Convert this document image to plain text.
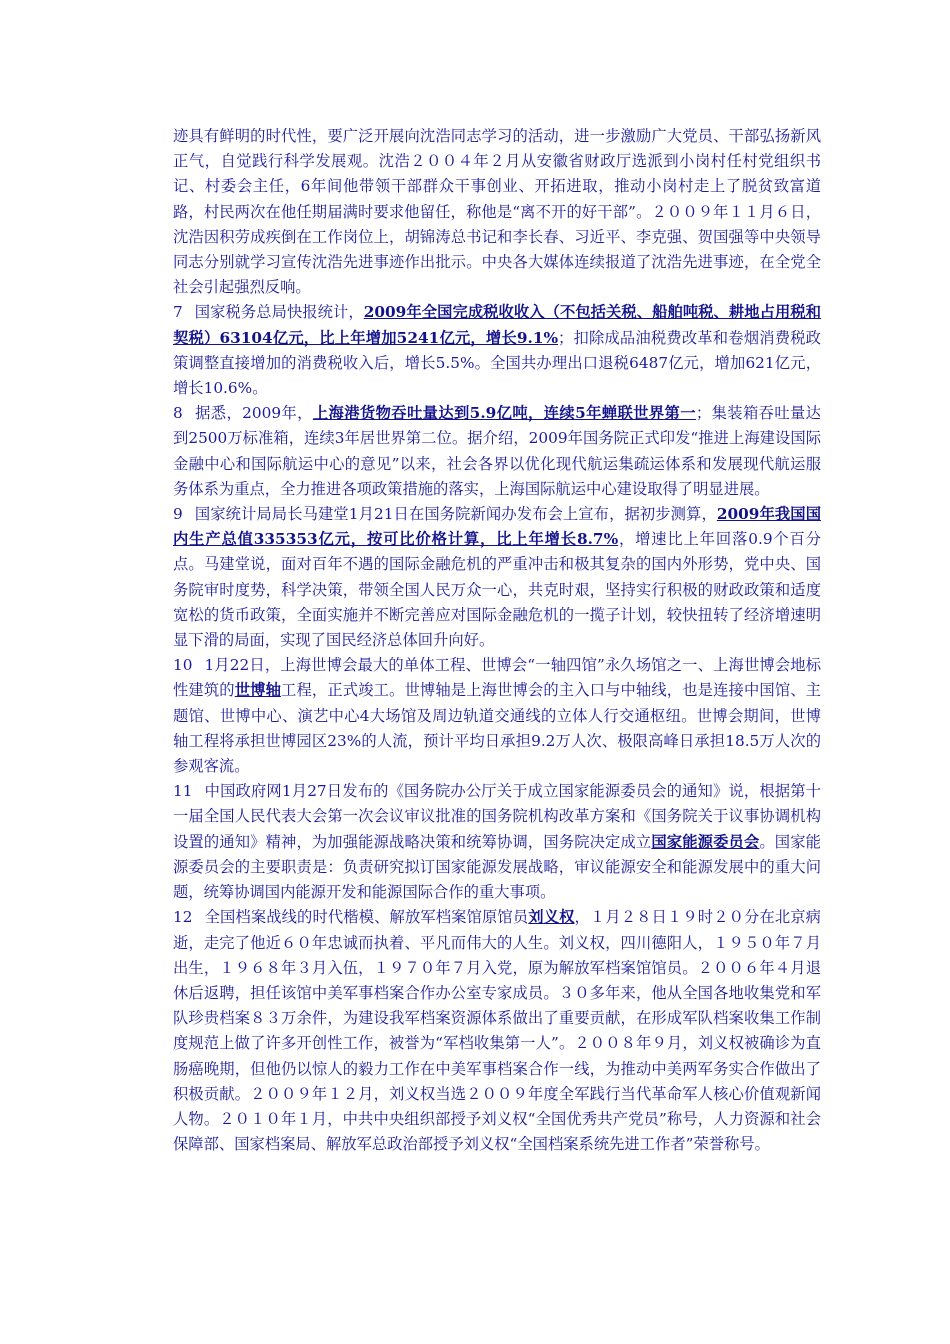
迹具有鲜明的时代性，要广泛开展向沈浩同志学习的活动，进一步激励广大党员、干部弘扬新风正气，自觉践行科学发展观。沈浩２００４年２月从安徽省财政厅选派到小岗村任村党组织书记、村委会主任，6年间他带领干部群众干事创业、开拓进取，推动小岗村走上了脱贫致富道路，村民两次在他任期届满时要求他留任，称他是“离不开的好干部”。２００９年１１月６日，沈浩因积劳成疾倒在工作岗位上，胡锦涛总书记和李长春、习近平、李克强、贺国强等中央领导同志分别就学习宣传沈浩先进事迹作出批示。中央各大媒体连续报道了沈浩先进事迹，在全党全社会引起强烈反响。

7 国家税务总局快报统计，2009年全国完成税收收入（不包括关税、船舶吨税、耕地占用税和契税）63104亿元，比上年增加5241亿元，增长9.1%；扣除成品油税费改革和卷烟消费税政策调整直接增加的消费税收入后，增长5.5%。全国共办理出口退税6487亿元，增加621亿元，增长10.6%。

8 据悉，2009年，上海港货物吞吐量达到5.9亿吨，连续5年蝉联世界第一；集装箱吞吐量达到2500万标准箱，连续3年居世界第二位。据介绍，2009年国务院正式印发“推进上海建设国际金融中心和国际航运中心的意见”以来，社会各界以优化现代航运集疏运体系和发展现代航运服务体系为重点，全力推进各项政策措施的落实，上海国际航运中心建设取得了明显进展。

9 国家统计局局长马建堂1月21日在国务院新闻办发布会上宣布，据初步测算，2009年我国国内生产总值335353亿元，按可比价格计算，比上年增长8.7%，增速比上年回落0.9个百分点。马建堂说，面对百年不遇的国际金融危机的严重冲击和极其复杂的国内外形势，党中央、国务院审时度势，科学决策，带领全国人民万众一心，共克时艰，坚持实行积极的财政政策和适度宽松的货币政策，全面实施并不断完善应对国际金融危机的一揽子计划，较快扭转了经济增速明显下滑的局面，实现了国民经济总体回升向好。

10 1月22日，上海世博会最大的单体工程、世博会“一轴四馆”永久场馆之一、上海世博会地标性建筑的世博轴工程，正式竣工。世博轴是上海世博会的主入口与中轴线，也是连接中国馆、主题馆、世博中心、演艺中心4大场馆及周边轨道交通线的立体人行交通枢纽。世博会期间，世博轴工程将承担世博园区23%的人流，预计平均日承担9.2万人次、极限高峰日承担18.5万人次的参观客流。

11 中国政府网1月27日发布的《国务院办公厅关于成立国家能源委员会的通知》说，根据第十一届全国人民代表大会第一次会议审议批准的国务院机构改革方案和《国务院关于议事协调机构设置的通知》精神，为加强能源战略决策和统筹协调，国务院决定成立国家能源委员会。国家能源委员会的主要职责是：负责研究拟订国家能源发展战略，审议能源安全和能源发展中的重大问题，统筹协调国内能源开发和能源国际合作的重大事项。

12 全国档案战线的时代楷模、解放军档案馆原馆员刘义权，１月２８日１９时２０分在北京病逝，走完了他近６０年忠诚而执着、平凡而伟大的人生。刘义权，四川德阳人，１９５０年７月出生，１９６８年３月入伍，１９７０年７月入党，原为解放军档案馆馆员。２００６年４月退休后返聘，担任该馆中美军事档案合作办公室专家成员。３０多年来，他从全国各地收集党和军队珍贵档案８３万余件，为建设我军档案资源体系做出了重要贡献，在形成军队档案收集工作制度规范上做了许多开创性工作，被誉为“军档收集第一人”。２００８年９月，刘义权被确诊为直肠癌晚期，但他仍以惊人的毅力工作在中美军事档案合作一线，为推动中美两军务实合作做出了积极贡献。２００９年１２月，刘义权当选２００９年度全军践行当代革命军人核心价值观新闻人物。２０１０年１月，中共中央组织部授予刘义权“全国优秀共产党员”称号，人力资源和社会保障部、国家档案局、解放军总政治部授予刘义权“全国档案系统先进工作者”荣誉称号。
